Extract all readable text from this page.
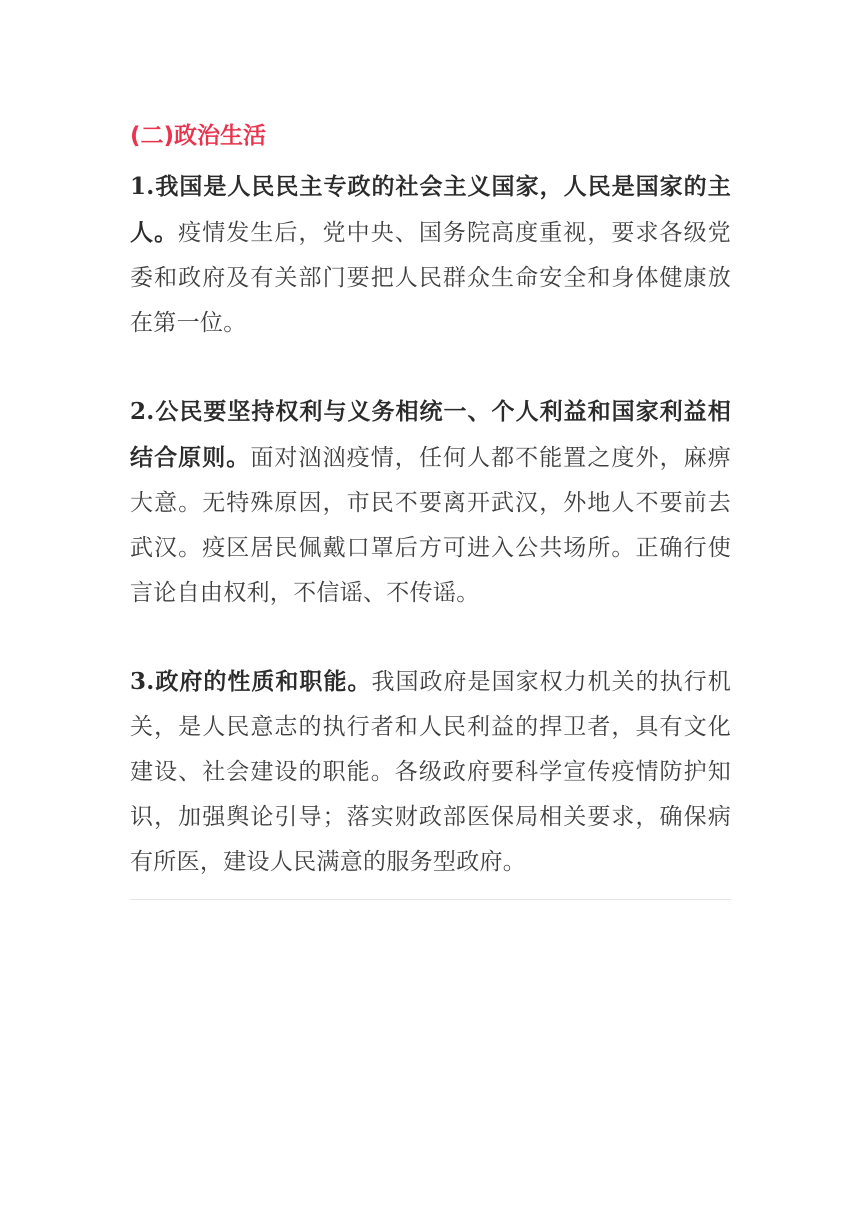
(二)政治生活

1.我国是人民民主专政的社会主义国家，人民是国家的主人。疫情发生后，党中央、国务院高度重视，要求各级党委和政府及有关部门要把人民群众生命安全和身体健康放在第一位。

2.公民要坚持权利与义务相统一、个人利益和国家利益相结合原则。面对汹汹疫情，任何人都不能置之度外，麻痹大意。无特殊原因，市民不要离开武汉，外地人不要前去武汉。疫区居民佩戴口罩后方可进入公共场所。正确行使言论自由权利，不信谣、不传谣。

3.政府的性质和职能。我国政府是国家权力机关的执行机关，是人民意志的执行者和人民利益的捍卫者，具有文化建设、社会建设的职能。各级政府要科学宣传疫情防护知识，加强舆论引导；落实财政部医保局相关要求，确保病有所医，建设人民满意的服务型政府。
